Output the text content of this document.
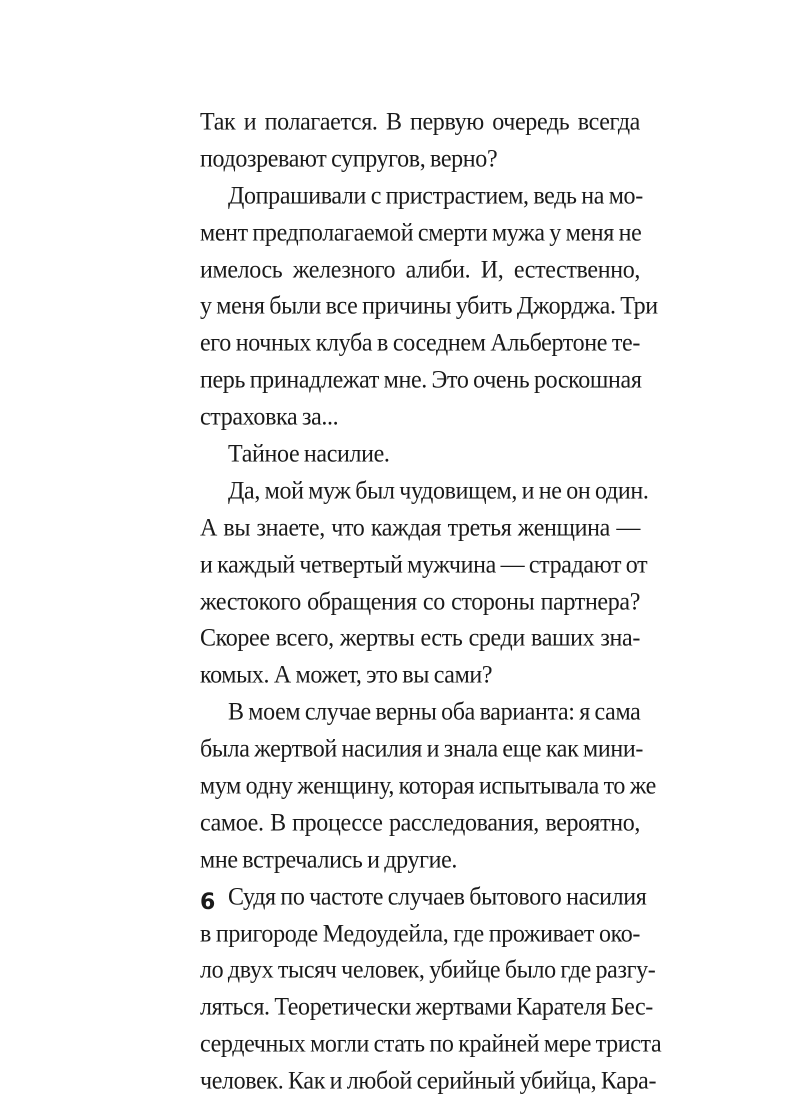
Так и полагается. В первую очередь всегда
подозревают супругов, верно?
Допрашивали с пристрастием, ведь на мо-
мент предполагаемой смерти мужа у меня не
имелось железного алиби. И, естественно,
у меня были все причины убить Джорджа. Три
его ночных клуба в соседнем Альбертоне те-
перь принадлежат мне. Это очень роскошная
страховка за...
Тайное насилие.
Да, мой муж был чудовищем, и не он один.
А вы знаете, что каждая третья женщина —
и каждый четвертый мужчина — страдают от
жестокого обращения со стороны партнера?
Скорее всего, жертвы есть среди ваших зна-
комых. А может, это вы сами?
В моем случае верны оба варианта: я сама
была жертвой насилия и знала еще как мини-
мум одну женщину, которая испытывала то же
самое. В процессе расследования, вероятно,
мне встречались и другие.
Судя по частоте случаев бытового насилия
в пригороде Медоудейла, где проживает око-
ло двух тысяч человек, убийце было где разгу-
ляться. Теоретически жертвами Карателя Бес-
сердечных могли стать по крайней мере триста
человек. Как и любой серийный убийца, Кара-
6
